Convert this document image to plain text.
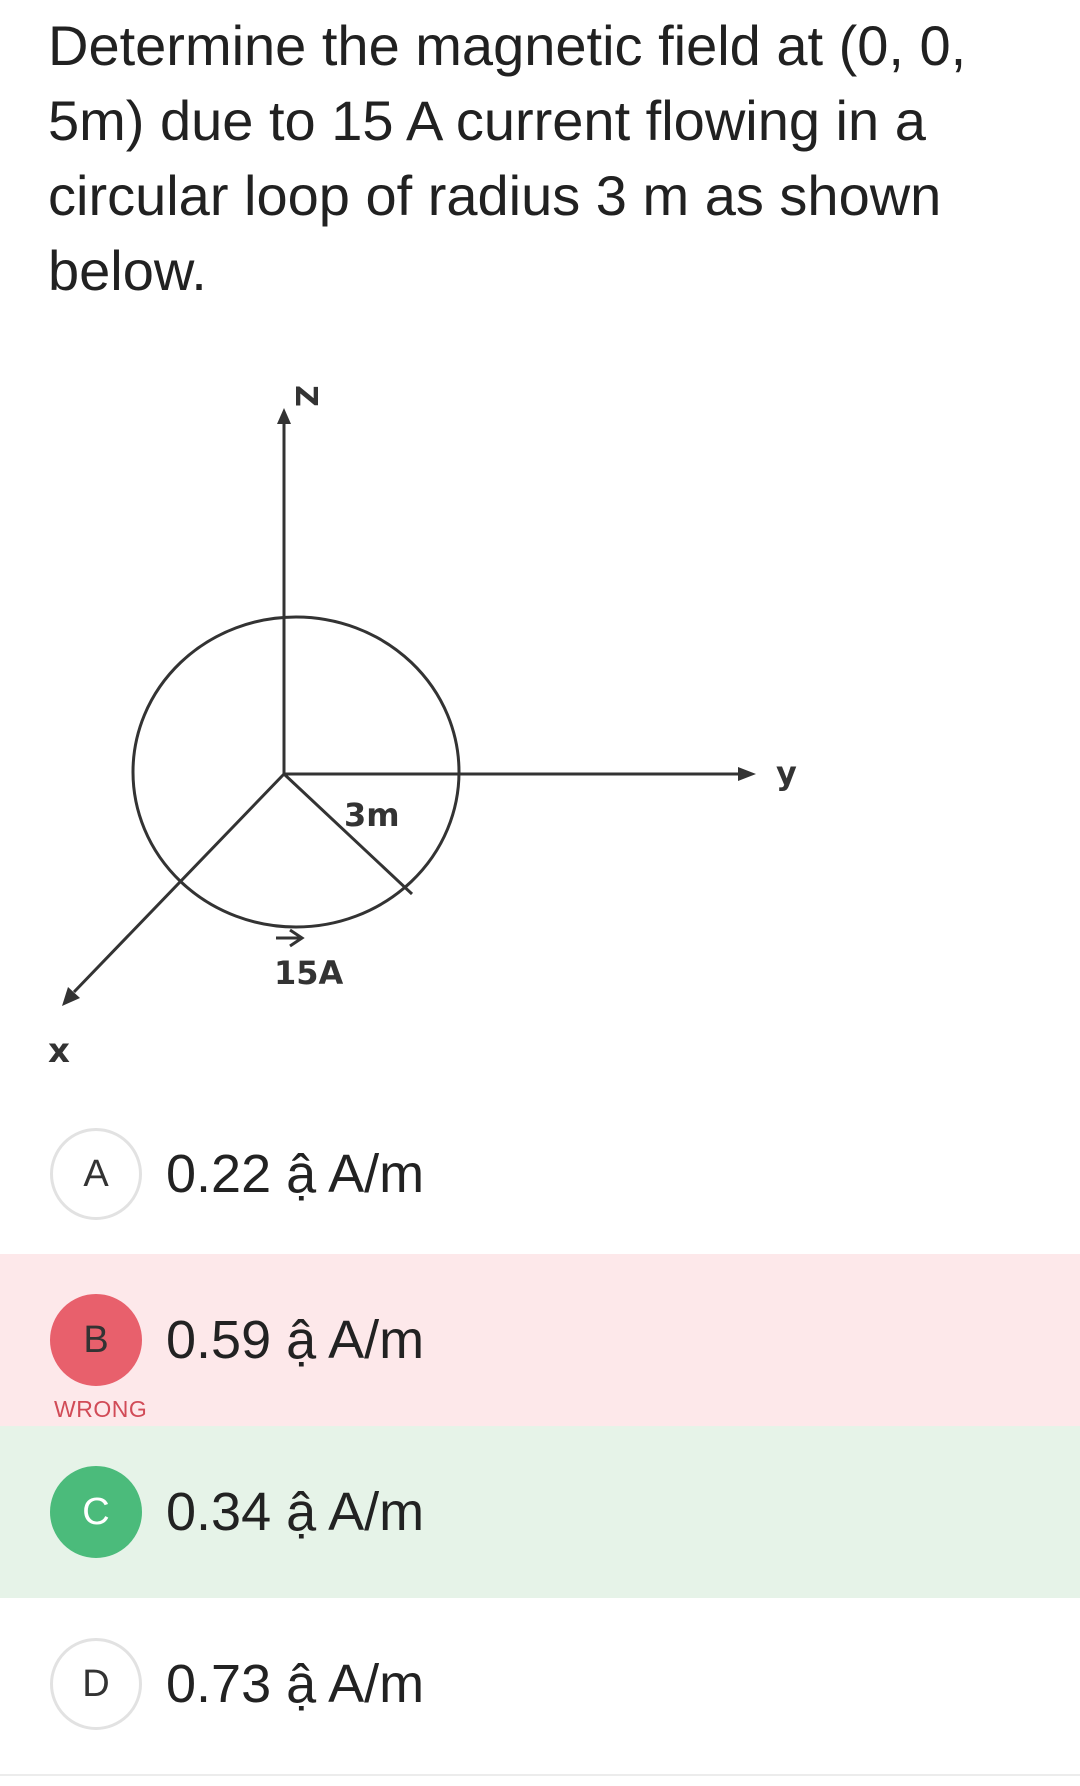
Determine the magnetic field at (0, 0, 5m) due to 15 A current flowing in a circular loop of radius 3 m as shown below.

Z
y
x
3m
15A
A	0.22 ậ A/m
B	0.59 ậ A/m
WRONG
C	0.34 ậ A/m
D	0.73 ậ A/m
